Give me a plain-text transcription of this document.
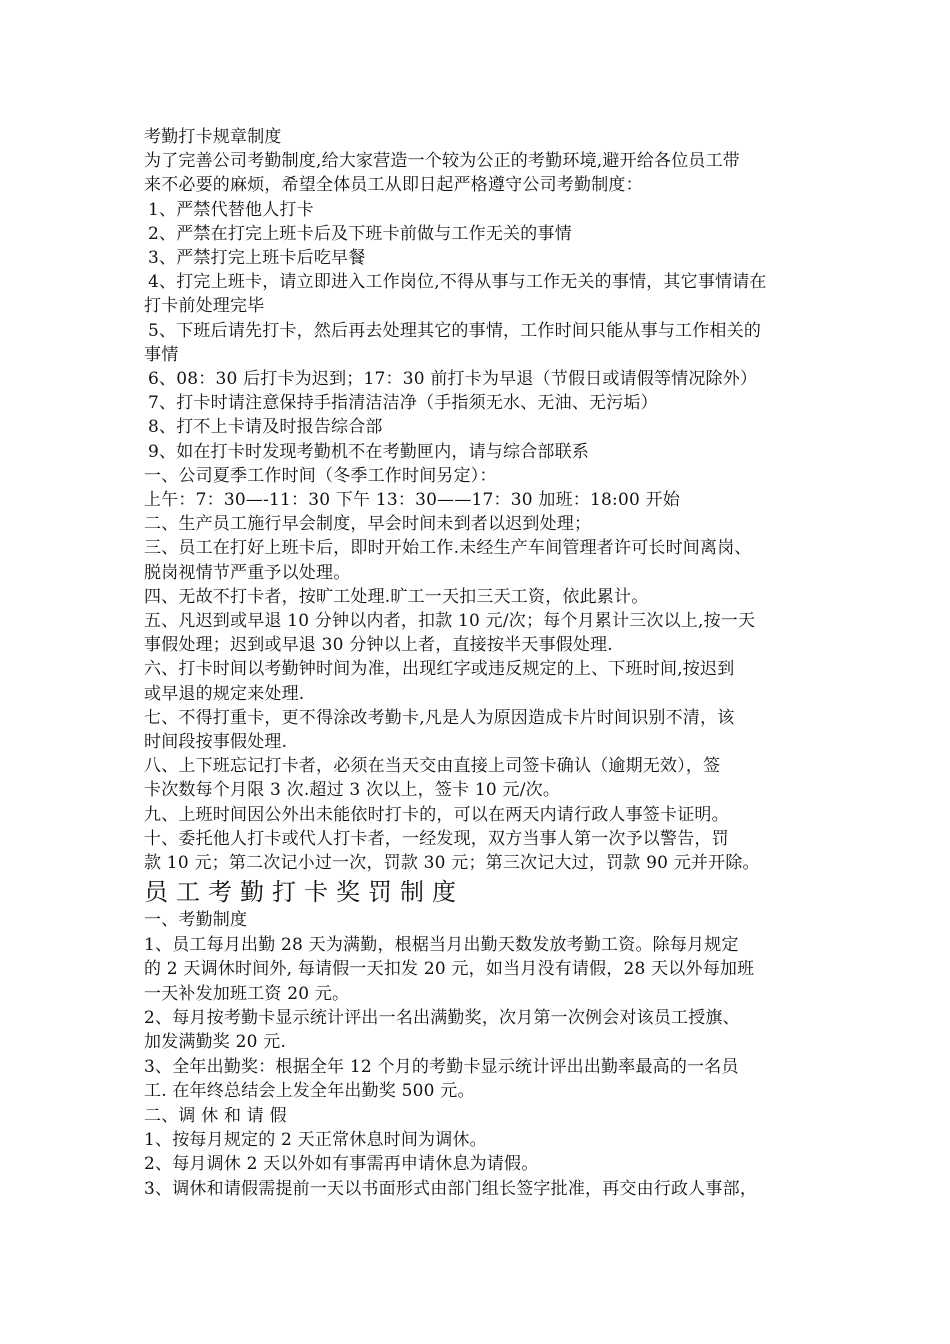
考勤打卡规章制度
为了完善公司考勤制度,给大家营造一个较为公正的考勤环境,避开给各位员工带
来不必要的麻烦，希望全体员工从即日起严格遵守公司考勤制度：
1、严禁代替他人打卡
2、严禁在打完上班卡后及下班卡前做与工作无关的事情
3、严禁打完上班卡后吃早餐
4、打完上班卡，请立即进入工作岗位,不得从事与工作无关的事情，其它事情请在
打卡前处理完毕
5、下班后请先打卡，然后再去处理其它的事情，工作时间只能从事与工作相关的
事情
6、08：30 后打卡为迟到；17：30 前打卡为早退（节假日或请假等情况除外）
7、打卡时请注意保持手指清洁洁净（手指须无水、无油、无污垢）
8、打不上卡请及时报告综合部
9、如在打卡时发现考勤机不在考勤匣内，请与综合部联系
一、公司夏季工作时间（冬季工作时间另定）：
上午：7：30—-11：30 下午 13：30——17：30 加班：18:00 开始
二、生产员工施行早会制度，早会时间未到者以迟到处理；
三、员工在打好上班卡后，即时开始工作.未经生产车间管理者许可长时间离岗、
脱岗视情节严重予以处理。
四、无故不打卡者，按旷工处理.旷工一天扣三天工资，依此累计。
五、凡迟到或早退 10 分钟以内者，扣款 10 元/次；每个月累计三次以上,按一天
事假处理；迟到或早退 30 分钟以上者，直接按半天事假处理.
六、打卡时间以考勤钟时间为准，出现红字或违反规定的上、下班时间,按迟到
或早退的规定来处理.
七、不得打重卡，更不得涂改考勤卡,凡是人为原因造成卡片时间识别不清，该
时间段按事假处理.
八、上下班忘记打卡者，必须在当天交由直接上司签卡确认（逾期无效），签
卡次数每个月限 3 次.超过 3 次以上，签卡 10 元/次。
九、上班时间因公外出未能依时打卡的，可以在两天内请行政人事签卡证明。
十、委托他人打卡或代人打卡者，一经发现，双方当事人第一次予以警告，罚
款 10 元；第二次记小过一次，罚款 30 元；第三次记大过，罚款 90 元并开除。
员工考勤打卡奖罚制度
一、考勤制度
1、员工每月出勤 28 天为满勤，根椐当月出勤天数发放考勤工资。除每月规定
的 2 天调休时间外, 每请假一天扣发 20 元，如当月没有请假，28 天以外每加班
一天补发加班工资 20 元。
2、每月按考勤卡显示统计评出一名出满勤奖，次月第一次例会对该员工授旗、
加发满勤奖 20 元.
3、全年出勤奖：根据全年 12 个月的考勤卡显示统计评出出勤率最高的一名员
工. 在年终总结会上发全年出勤奖 500 元。
二、调 休 和 请 假
1、按每月规定的 2 天正常休息时间为调休。
2、每月调休 2 天以外如有事需再申请休息为请假。
3、调休和请假需提前一天以书面形式由部门组长签字批准，再交由行政人事部，
